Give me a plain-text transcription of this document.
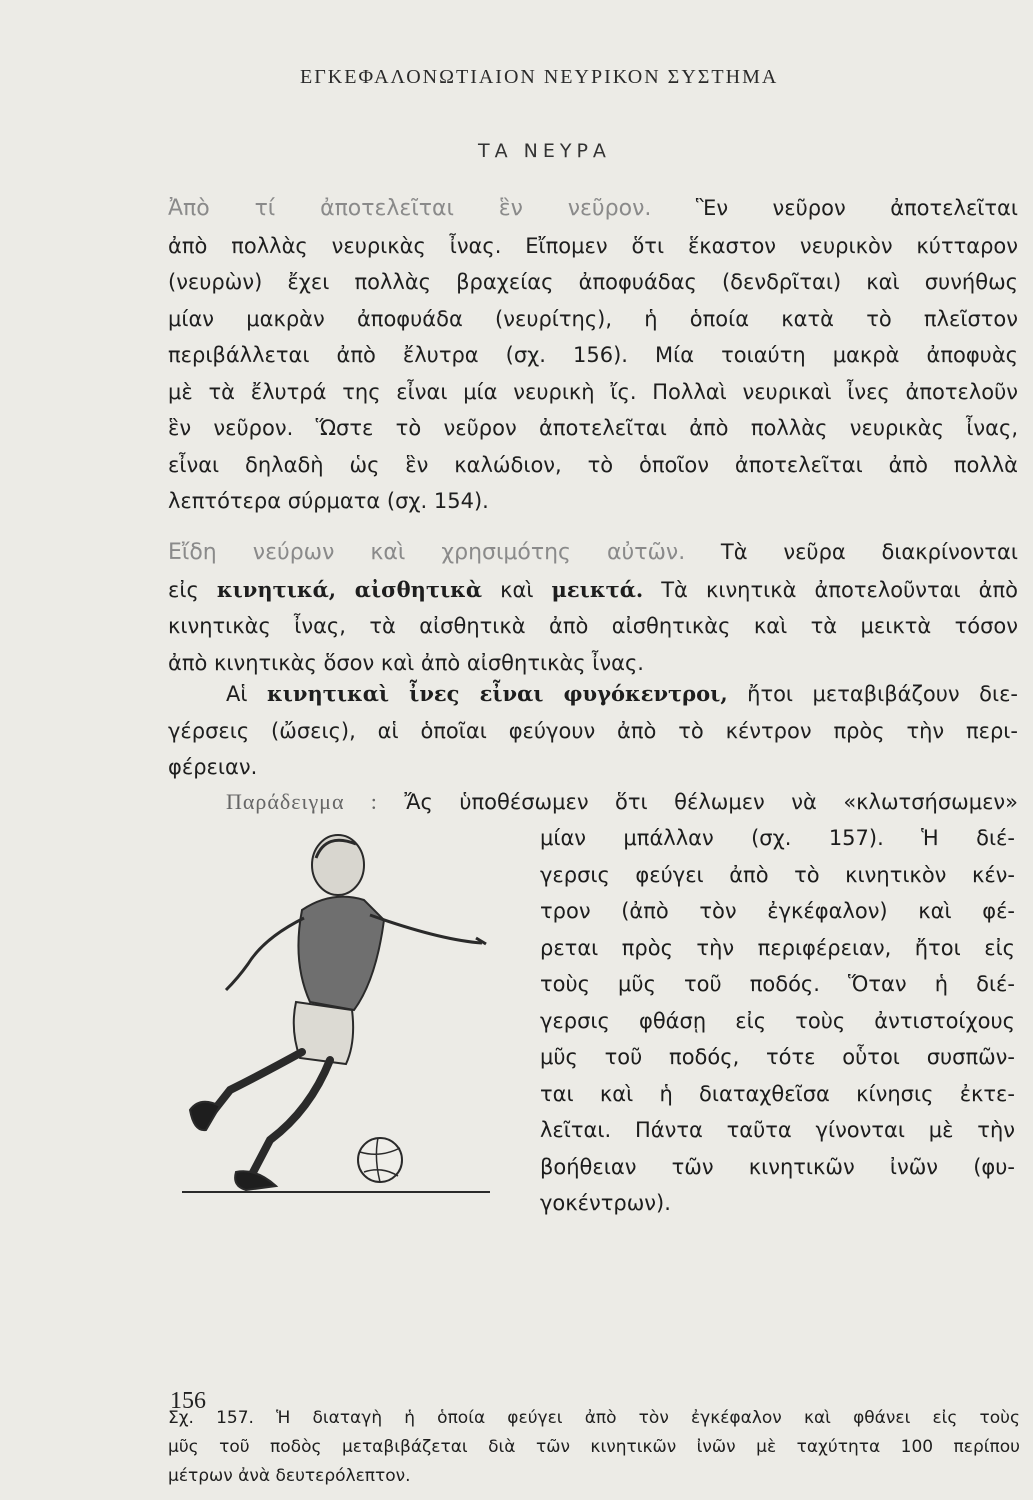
ΕΓΚΕΦΑΛΟΝΩΤΙΑΙΟΝ ΝΕΥΡΙΚΟΝ ΣΥΣΤΗΜΑ
ΤΑ ΝΕΥΡΑ
Ἀπὸ τί ἀποτελεῖται ἓν νεῦρον. Ἓν νεῦρον ἀποτελεῖται
ἀπὸ πολλὰς νευρικὰς ἶνας. Εἴπομεν ὅτι ἕκαστον νευρικὸν κύτταρον
(νευρὼν) ἔχει πολλὰς βραχείας ἀποφυάδας (δενδρῖται) καὶ συνήθως
μίαν μακρὰν ἀποφυάδα (νευρίτης), ἡ ὁποία κατὰ τὸ πλεῖστον
περιβάλλεται ἀπὸ ἔλυτρα (σχ. 156). Μία τοιαύτη μακρὰ ἀποφυὰς
μὲ τὰ ἔλυτρά της εἶναι μία νευρικὴ ἴς. Πολλαὶ νευρικαὶ ἶνες ἀποτελοῦν
ἓν νεῦρον. Ὥστε τὸ νεῦρον ἀποτελεῖται ἀπὸ πολλὰς νευρικὰς ἶνας,
εἶναι δηλαδὴ ὡς ἓν καλώδιον, τὸ ὁποῖον ἀποτελεῖται ἀπὸ πολλὰ
λεπτότερα σύρματα (σχ. 154).
Εἴδη νεύρων καὶ χρησιμότης αὐτῶν. Τὰ νεῦρα διακρίνονται
εἰς κινητικά, αἰσθητικὰ καὶ μεικτά. Τὰ κινητικὰ ἀποτελοῦνται ἀπὸ
κινητικὰς ἶνας, τὰ αἰσθητικὰ ἀπὸ αἰσθητικὰς καὶ τὰ μεικτὰ τόσον
ἀπὸ κινητικὰς ὅσον καὶ ἀπὸ αἰσθητικὰς ἶνας.
Αἱ κινητικαὶ ἶνες εἶναι φυγόκεντροι, ἤτοι μεταβιβάζουν διε-
γέρσεις (ὤσεις), αἱ ὁποῖαι φεύγουν ἀπὸ τὸ κέντρον πρὸς τὴν περι-
φέρειαν.
Παράδειγμα : Ἄς ὑποθέσωμεν ὅτι θέλωμεν νὰ «κλωτσήσωμεν»
μίαν μπάλλαν (σχ. 157). Ἡ διέ-
γερσις φεύγει ἀπὸ τὸ κινητικὸν κέν-
τρον (ἀπὸ τὸν ἐγκέφαλον) καὶ φέ-
ρεται πρὸς τὴν περιφέρειαν, ἤτοι εἰς
τοὺς μῦς τοῦ ποδός. Ὅταν ἡ διέ-
γερσις φθάσῃ εἰς τοὺς ἀντιστοίχους
μῦς τοῦ ποδός, τότε οὗτοι συσπῶν-
ται καὶ ἡ διαταχθεῖσα κίνησις ἐκτε-
λεῖται. Πάντα ταῦτα γίνονται μὲ τὴν
βοήθειαν τῶν κινητικῶν ἰνῶν (φυ-
γοκέντρων).
Σχ. 157. Ἡ διαταγὴ ἡ ὁποία φεύγει ἀπὸ τὸν ἐγκέφαλον καὶ φθάνει εἰς τοὺς
μῦς τοῦ ποδὸς μεταβιβάζεται διὰ τῶν κινητικῶν ἰνῶν μὲ ταχύτητα 100 περίπου
μέτρων ἀνὰ δευτερόλεπτον.
156
